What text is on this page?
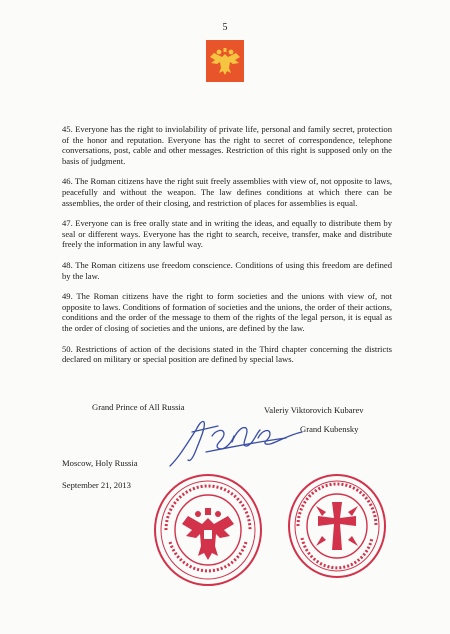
5

45. Everyone has the right to inviolability of private life, personal and family secret, protection of the honor and reputation. Everyone has the right to secret of correspondence, telephone conversations, post, cable and other messages. Restriction of this right is supposed only on the basis of judgment.

46. The Roman citizens have the right suit freely assemblies with view of, not opposite to laws, peacefully and without the weapon. The law defines conditions at which there can be assemblies, the order of their closing, and restriction of places for assemblies is equal.

47. Everyone can is free orally state and in writing the ideas, and equally to distribute them by seal or different ways. Everyone has the right to search, receive, transfer, make and distribute freely the information in any lawful way.

48. The Roman citizens use freedom conscience. Conditions of using this freedom are defined by the law.

49. The Roman citizens have the right to form societies and the unions with view of, not opposite to laws. Conditions of formation of societies and the unions, the order of their actions, conditions and the order of the message to them of the rights of the legal person, it is equal as the order of closing of societies and the unions, are defined by the law.

50. Restrictions of action of the decisions stated in the Third chapter concerning the districts declared on military or special position are defined by special laws.

Grand Prince of All Russia	Valeriy Viktorovich Kubarev
Grand Kubensky
Moscow, Holy Russia
September 21, 2013
